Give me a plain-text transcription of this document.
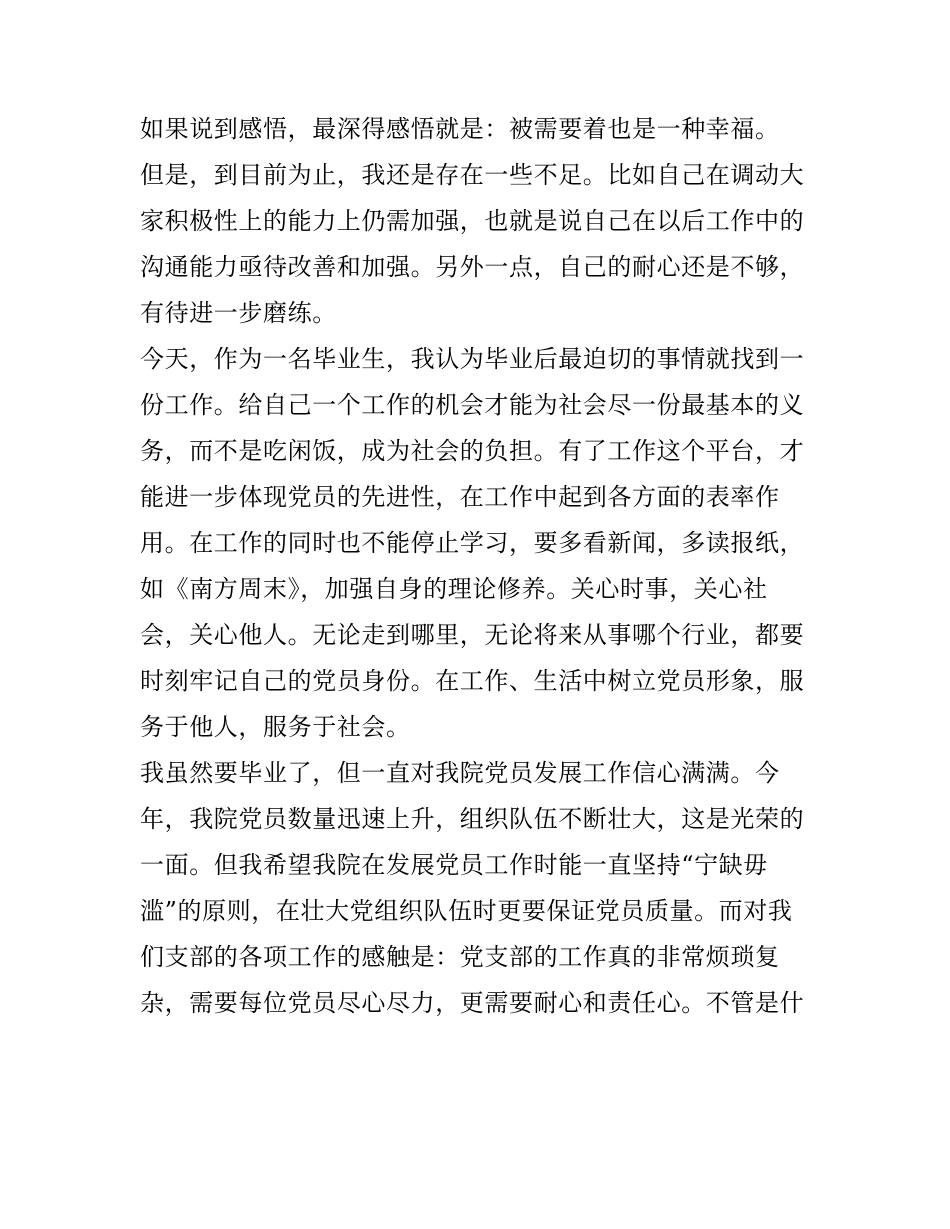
如果说到感悟，最深得感悟就是：被需要着也是一种幸福。
但是，到目前为止，我还是存在一些不足。比如自己在调动大
家积极性上的能力上仍需加强，也就是说自己在以后工作中的
沟通能力亟待改善和加强。另外一点，自己的耐心还是不够，
有待进一步磨练。
今天，作为一名毕业生，我认为毕业后最迫切的事情就找到一
份工作。给自己一个工作的机会才能为社会尽一份最基本的义
务，而不是吃闲饭，成为社会的负担。有了工作这个平台，才
能进一步体现党员的先进性，在工作中起到各方面的表率作
用。在工作的同时也不能停止学习，要多看新闻，多读报纸，
如《南方周末》，加强自身的理论修养。关心时事，关心社
会，关心他人。无论走到哪里，无论将来从事哪个行业，都要
时刻牢记自己的党员身份。在工作、生活中树立党员形象，服
务于他人，服务于社会。
我虽然要毕业了，但一直对我院党员发展工作信心满满。今
年，我院党员数量迅速上升，组织队伍不断壮大，这是光荣的
一面。但我希望我院在发展党员工作时能一直坚持“宁缺毋
滥”的原则，在壮大党组织队伍时更要保证党员质量。而对我
们支部的各项工作的感触是：党支部的工作真的非常烦琐复
杂，需要每位党员尽心尽力，更需要耐心和责任心。不管是什
